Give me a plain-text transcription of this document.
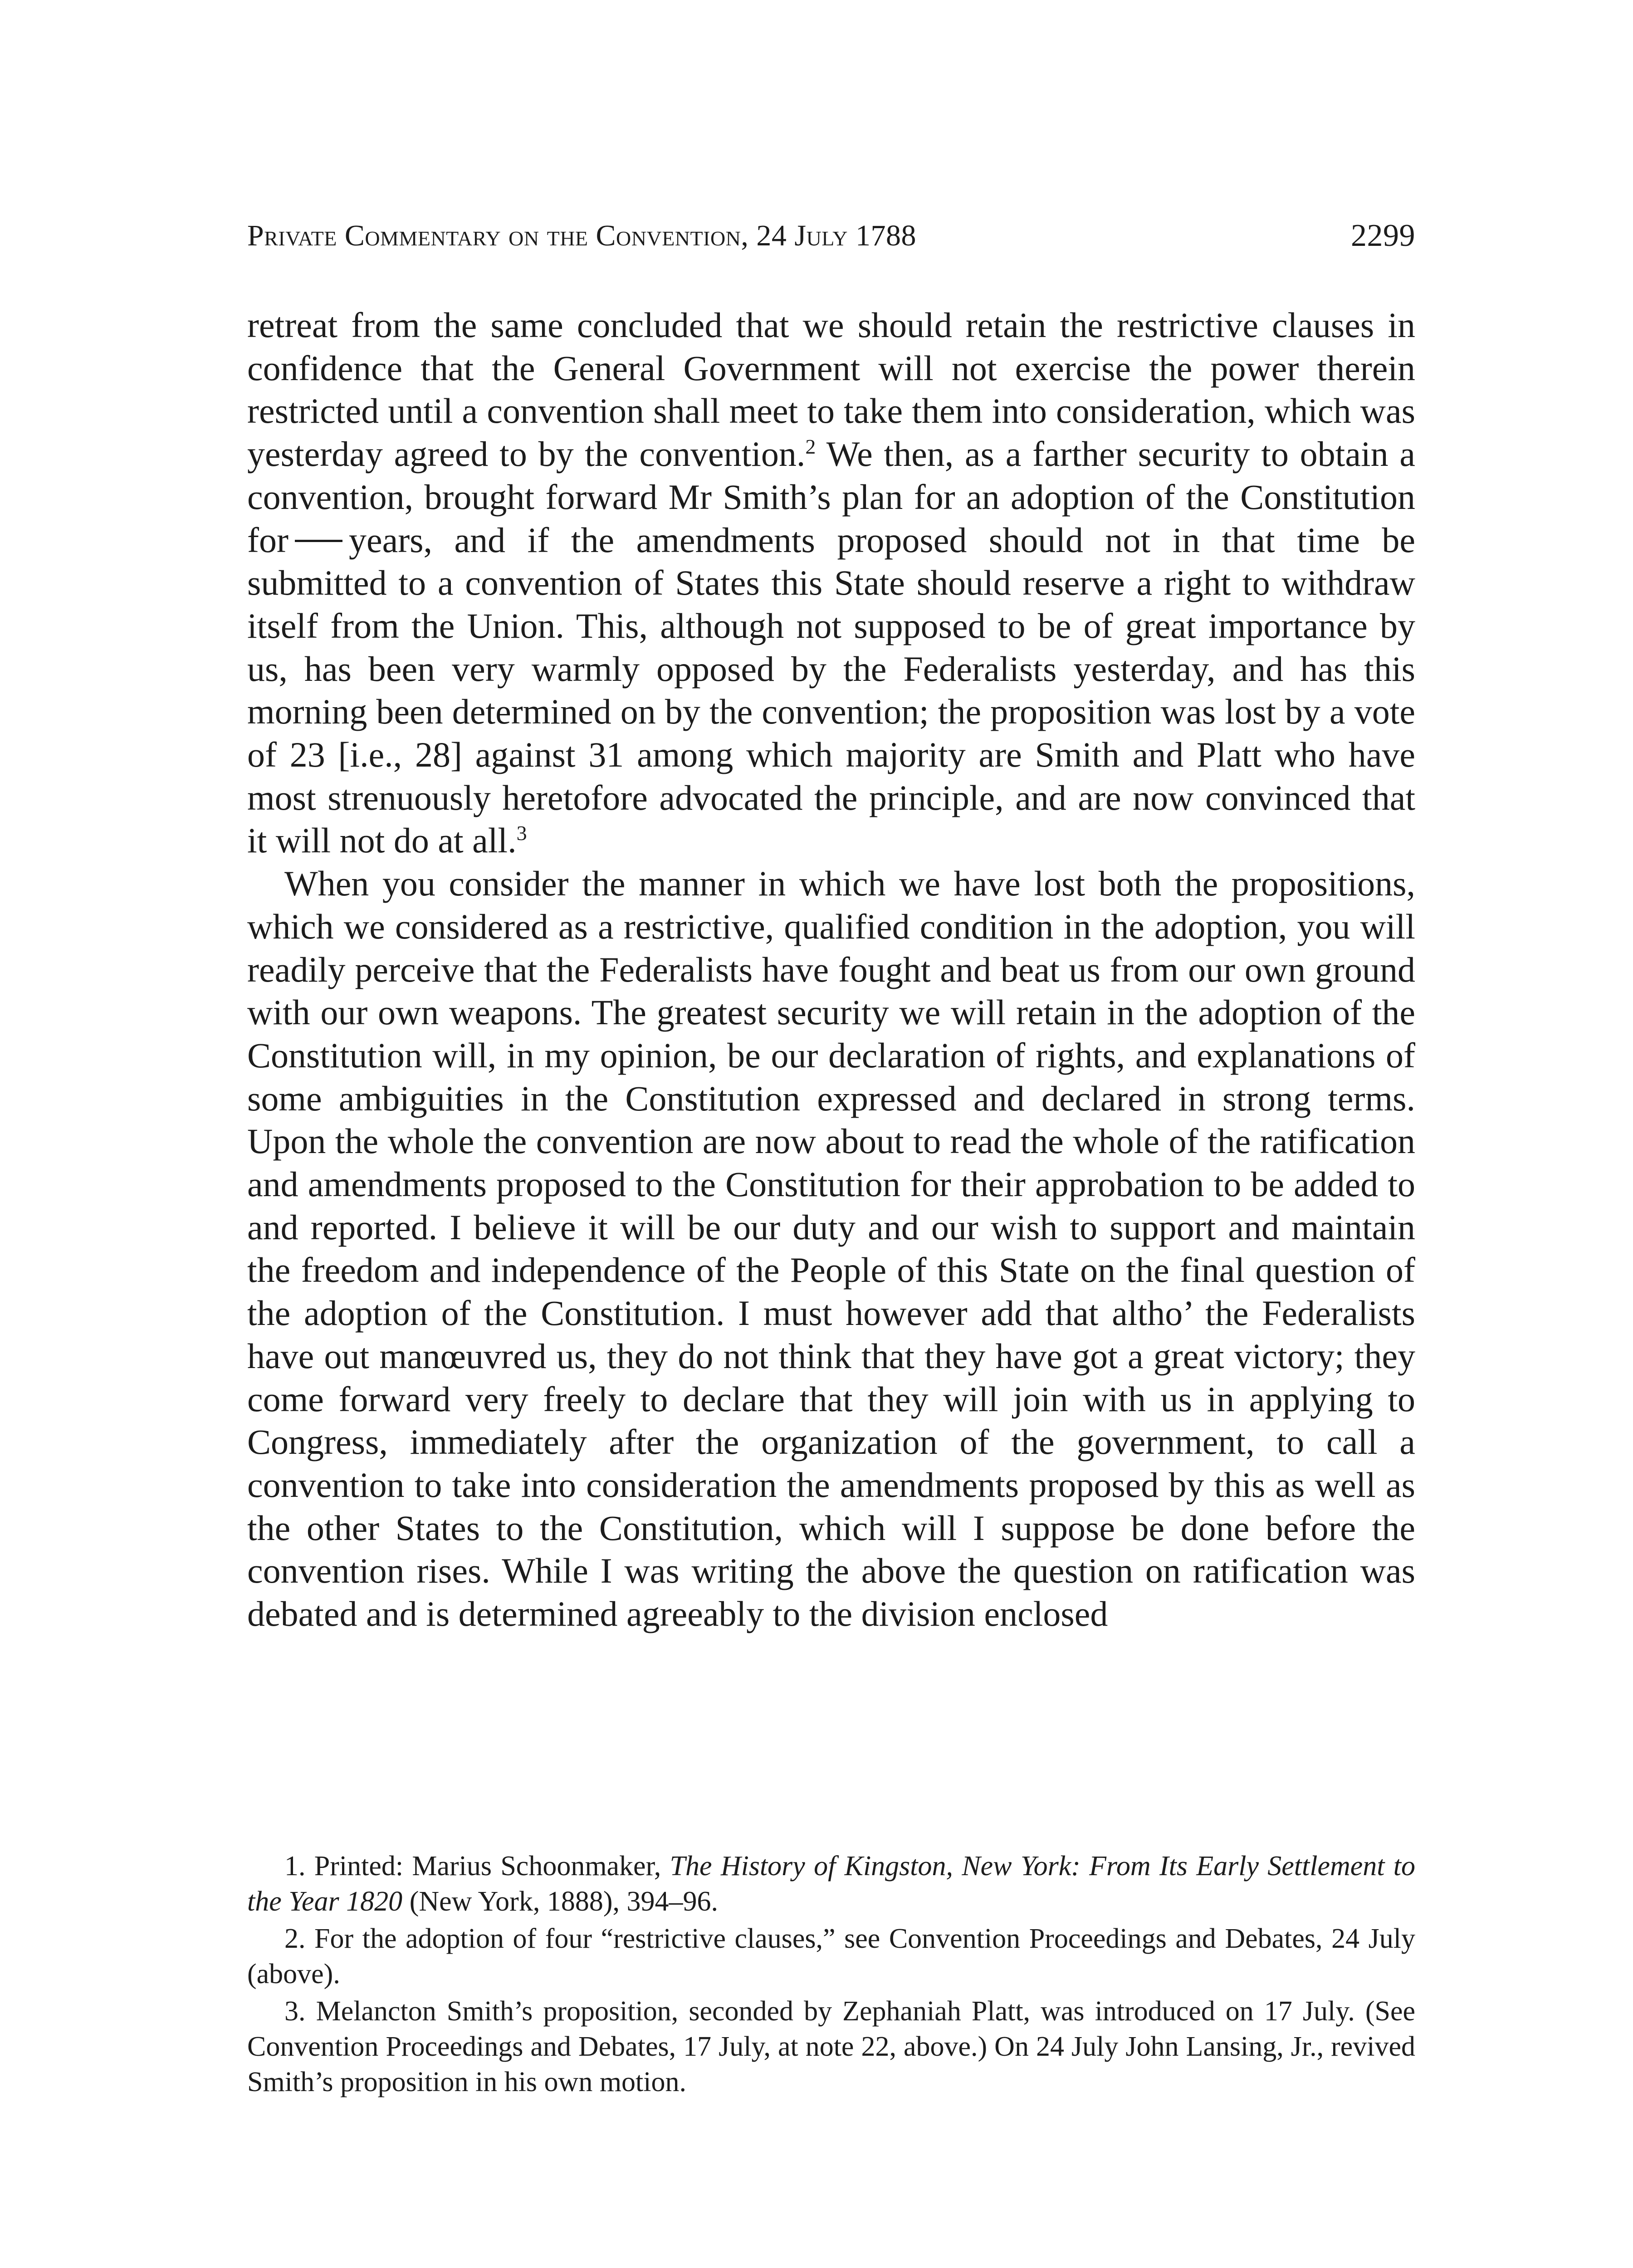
Private Commentary on the Convention, 24 July 1788	2299

retreat from the same concluded that we should retain the restrictive clauses in confidence that the General Government will not exercise the power therein restricted until a convention shall meet to take them into consideration, which was yesterday agreed to by the convention.$^2$ We then, as a farther security to obtain a convention, brought forward Mr Smith’s plan for an adoption of the Constitution for years, and if the amendments proposed should not in that time be submitted to a convention of States this State should reserve a right to withdraw itself from the Union. This, although not supposed to be of great importance by us, has been very warmly opposed by the Federalists yesterday, and has this morning been determined on by the convention; the proposition was lost by a vote of 23 [i.e., 28] against 31 among which majority are Smith and Platt who have most strenuously heretofore advocated the principle, and are now convinced that it will not do at all.$^3$

When you consider the manner in which we have lost both the propositions, which we considered as a restrictive, qualified condition in the adoption, you will readily perceive that the Federalists have fought and beat us from our own ground with our own weapons. The greatest security we will retain in the adoption of the Constitution will, in my opinion, be our declaration of rights, and explanations of some ambiguities in the Constitution expressed and declared in strong terms. Upon the whole the convention are now about to read the whole of the ratification and amendments proposed to the Constitution for their approbation to be added to and reported. I believe it will be our duty and our wish to support and maintain the freedom and independence of the People of this State on the final question of the adoption of the Constitution. I must however add that altho’ the Federalists have out manœuvred us, they do not think that they have got a great victory; they come forward very freely to declare that they will join with us in applying to Congress, immediately after the organization of the government, to call a convention to take into consideration the amendments proposed by this as well as the other States to the Constitution, which will I suppose be done before the convention rises. While I was writing the above the question on ratification was debated and is determined agreeably to the division enclosed

1. Printed: Marius Schoonmaker, The History of Kingston, New York: From Its Early Settlement to the Year 1820 (New York, 1888), 394–96.

2. For the adoption of four “restrictive clauses,” see Convention Proceedings and Debates, 24 July (above).

3. Melancton Smith’s proposition, seconded by Zephaniah Platt, was introduced on 17 July. (See Convention Proceedings and Debates, 17 July, at note 22, above.) On 24 July John Lansing, Jr., revived Smith’s proposition in his own motion.
